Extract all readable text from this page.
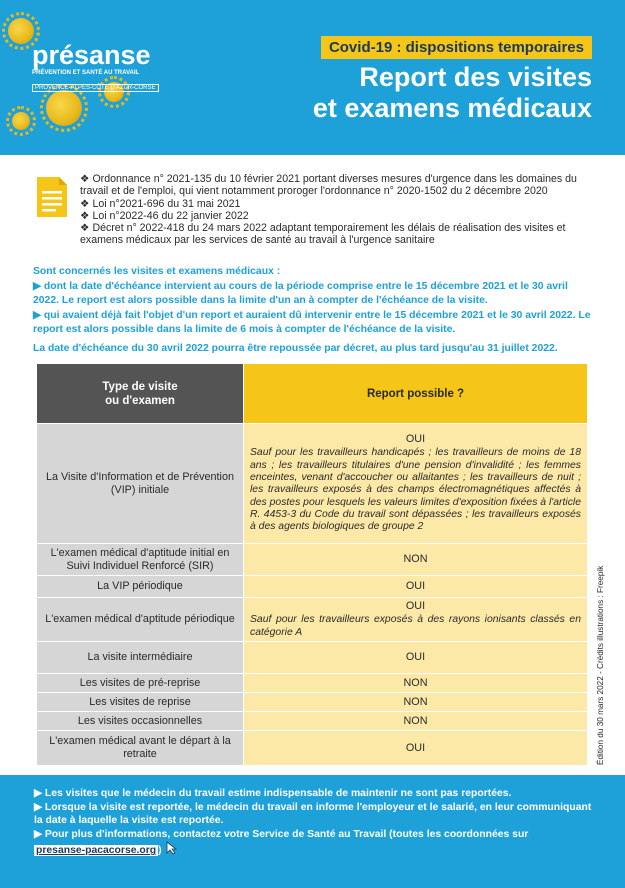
présanse
PRÉVENTION ET SANTÉ AU TRAVAIL
PROVENCE-ALPES-CÔTE D'AZUR-CORSE
Covid-19 : dispositions temporaires
Report des visites
et examens médicaux

❖ Ordonnance n° 2021-135 du 10 février 2021 portant diverses mesures d'urgence dans les domaines du travail et de l'emploi, qui vient notamment proroger l'ordonnance n° 2020-1502 du 2 décembre 2020

❖ Loi n°2021-696 du 31 mai 2021

❖ Loi n°2022-46 du 22 janvier 2022

❖ Décret n° 2022-418 du 24 mars 2022 adaptant temporairement les délais de réalisation des visites et examens médicaux par les services de santé au travail à l'urgence sanitaire

Sont concernés les visites et examens médicaux :

▶ dont la date d'échéance intervient au cours de la période comprise entre le 15 décembre 2021 et le 30 avril 2022. Le report est alors possible dans la limite d'un an à compter de l'échéance de la visite.

▶ qui avaient déjà fait l'objet d'un report et auraient dû intervenir entre le 15 décembre 2021 et le 30 avril 2022. Le report est alors possible dans la limite de 6 mois à compter de l'échéance de la visite.

La date d'échéance du 30 avril 2022 pourra être repoussée par décret, au plus tard jusqu'au 31 juillet 2022.

Type de visite
ou d'examen	Report possible ?
La Visite d'Information et de Prévention (VIP) initiale	OUI
Sauf pour les travailleurs handicapés ; les travailleurs de moins de 18 ans ; les travailleurs titulaires d'une pension d'invalidité ; les femmes enceintes, venant d'accoucher ou allaitantes ; les travailleurs de nuit ; les travailleurs exposés à des champs électromagnétiques affectés à des postes pour lesquels les valeurs limites d'exposition fixées à l'article R. 4453-3 du Code du travail sont dépassées ; les travailleurs exposés à des agents biologiques de groupe 2

L'examen médical d'aptitude initial en Suivi Individuel Renforcé (SIR)	NON

La VIP périodique	OUI

L'examen médical d'aptitude périodique	OUI
Sauf pour les travailleurs exposés à des rayons ionisants classés en catégorie A

La visite intermédiaire	OUI

Les visites de pré-reprise	NON

Les visites de reprise	NON

Les visites occasionnelles	NON

L'examen médical avant le départ à la retraite	OUI	Édition du 30 mars 2022 - Crédits illustrations : Freepik

▶ Les visites que le médecin du travail estime indispensable de maintenir ne sont pas reportées.

▶ Lorsque la visite est reportée, le médecin du travail en informe l'employeur et le salarié, en leur communiquant la date à laquelle la visite est reportée.

▶ Pour plus d'informations, contactez votre Service de Santé au Travail (toutes les coordonnées sur
presanse-pacacorse.org )
